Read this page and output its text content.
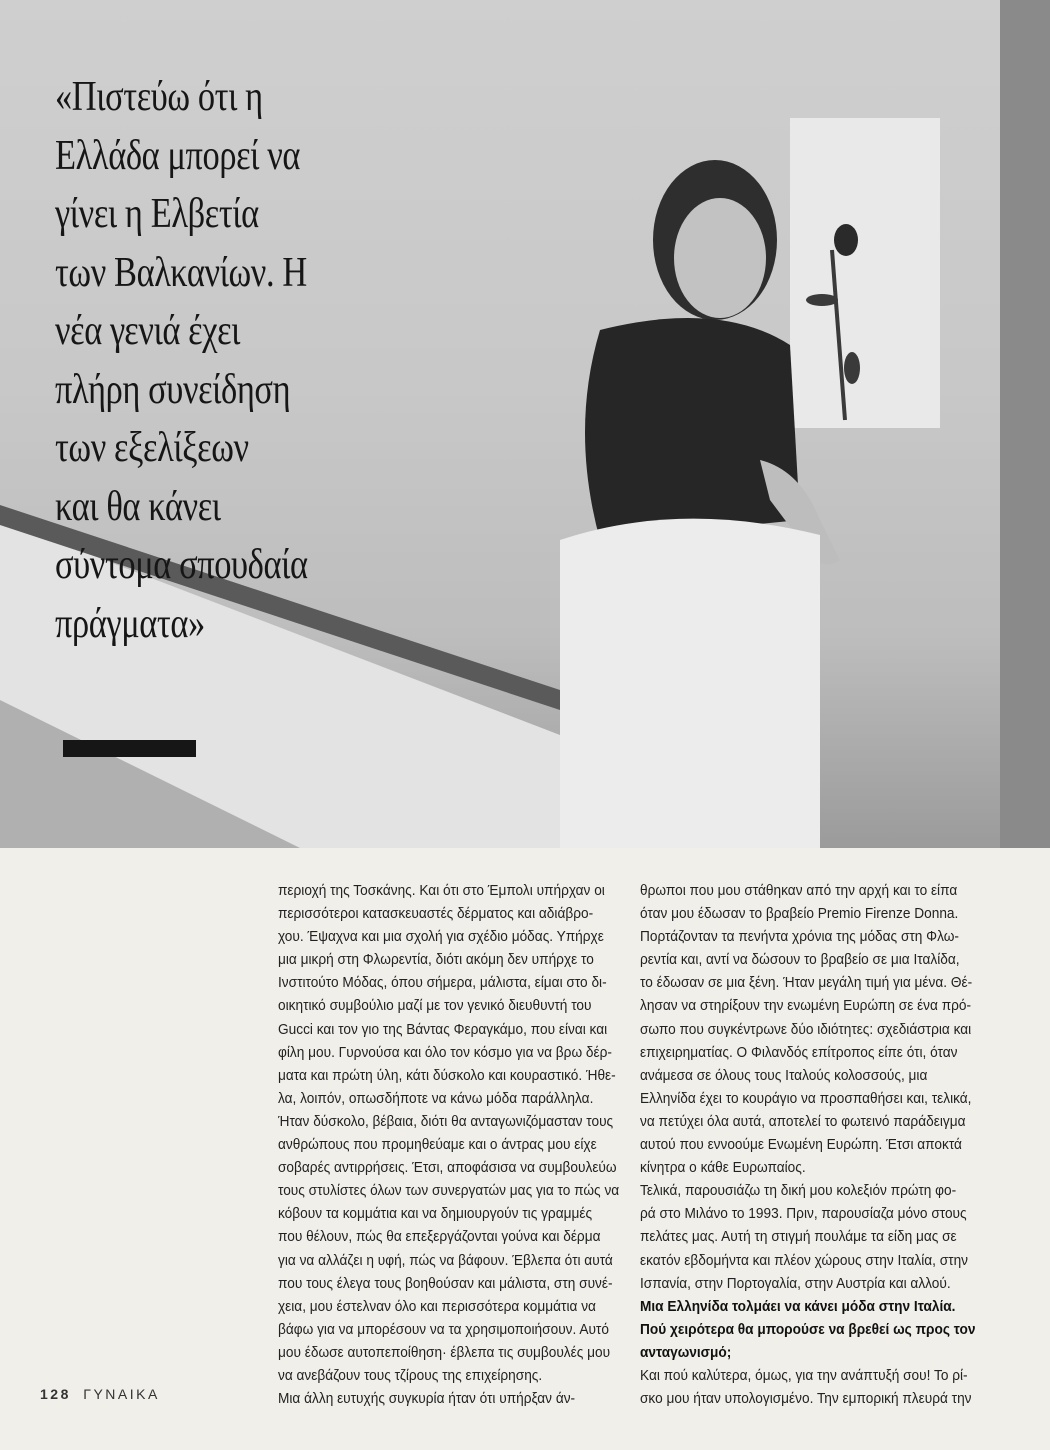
«Πιστεύω ότι η
Ελλάδα μπορεί να
γίνει η Ελβετία
των Βαλκανίων. Η
νέα γενιά έχει
πλήρη συνείδηση
των εξελίξεων
και θα κάνει
σύντομα σπουδαία
πράγματα»
περιοχή της Τοσκάνης. Και ότι στο Έμπολι υπήρχαν οι
περισσότεροι κατασκευαστές δέρματος και αδιάβρο-
χου. Έψαχνα και μια σχολή για σχέδιο μόδας. Υπήρχε
μια μικρή στη Φλωρεντία, διότι ακόμη δεν υπήρχε το
Ινστιτούτο Μόδας, όπου σήμερα, μάλιστα, είμαι στο δι-
οικητικό συμβούλιο μαζί με τον γενικό διευθυντή του
Gucci και τον γιο της Βάντας Φεραγκάμο, που είναι και
φίλη μου. Γυρνούσα και όλο τον κόσμο για να βρω δέρ-
ματα και πρώτη ύλη, κάτι δύσκολο και κουραστικό. Ήθε-
λα, λοιπόν, οπωσδήποτε να κάνω μόδα παράλληλα.
Ήταν δύσκολο, βέβαια, διότι θα ανταγωνιζόμασταν τους
ανθρώπους που προμηθεύαμε και ο άντρας μου είχε
σοβαρές αντιρρήσεις. Έτσι, αποφάσισα να συμβουλεύω
τους στυλίστες όλων των συνεργατών μας για το πώς να
κόβουν τα κομμάτια και να δημιουργούν τις γραμμές
που θέλουν, πώς θα επεξεργάζονται γούνα και δέρμα
για να αλλάζει η υφή, πώς να βάφουν. Έβλεπα ότι αυτά
που τους έλεγα τους βοηθούσαν και μάλιστα, στη συνέ-
χεια, μου έστελναν όλο και περισσότερα κομμάτια να
βάφω για να μπορέσουν να τα χρησιμοποιήσουν. Αυτό
μου έδωσε αυτοπεποίθηση· έβλεπα τις συμβουλές μου
να ανεβάζουν τους τζίρους της επιχείρησης.
Μια άλλη ευτυχής συγκυρία ήταν ότι υπήρξαν άν-
θρωποι που μου στάθηκαν από την αρχή και το είπα
όταν μου έδωσαν το βραβείο Premio Firenze Donna.
Πορτάζονταν τα πενήντα χρόνια της μόδας στη Φλω-
ρεντία και, αντί να δώσουν το βραβείο σε μια Ιταλίδα,
το έδωσαν σε μια ξένη. Ήταν μεγάλη τιμή για μένα. Θέ-
λησαν να στηρίξουν την ενωμένη Ευρώπη σε ένα πρό-
σωπο που συγκέντρωνε δύο ιδιότητες: σχεδιάστρια και
επιχειρηματίας. Ο Φιλανδός επίτροπος είπε ότι, όταν
ανάμεσα σε όλους τους Ιταλούς κολοσσούς, μια
Ελληνίδα έχει το κουράγιο να προσπαθήσει και, τελικά,
να πετύχει όλα αυτά, αποτελεί το φωτεινό παράδειγμα
αυτού που εννοούμε Ενωμένη Ευρώπη. Έτσι αποκτά
κίνητρα ο κάθε Ευρωπαίος.
Τελικά, παρουσιάζω τη δική μου κολεξιόν πρώτη φο-
ρά στο Μιλάνο το 1993. Πριν, παρουσίαζα μόνο στους
πελάτες μας. Αυτή τη στιγμή πουλάμε τα είδη μας σε
εκατόν εβδομήντα και πλέον χώρους στην Ιταλία, στην
Ισπανία, στην Πορτογαλία, στην Αυστρία και αλλού.
Μια Ελληνίδα τολμάει να κάνει μόδα στην Ιταλία.
Πού χειρότερα θα μπορούσε να βρεθεί ως προς τον
ανταγωνισμό;
Και πού καλύτερα, όμως, για την ανάπτυξή σου! Το ρί-
σκο μου ήταν υπολογισμένο. Την εμπορική πλευρά την
128 ΓΥΝΑΙΚΑ
